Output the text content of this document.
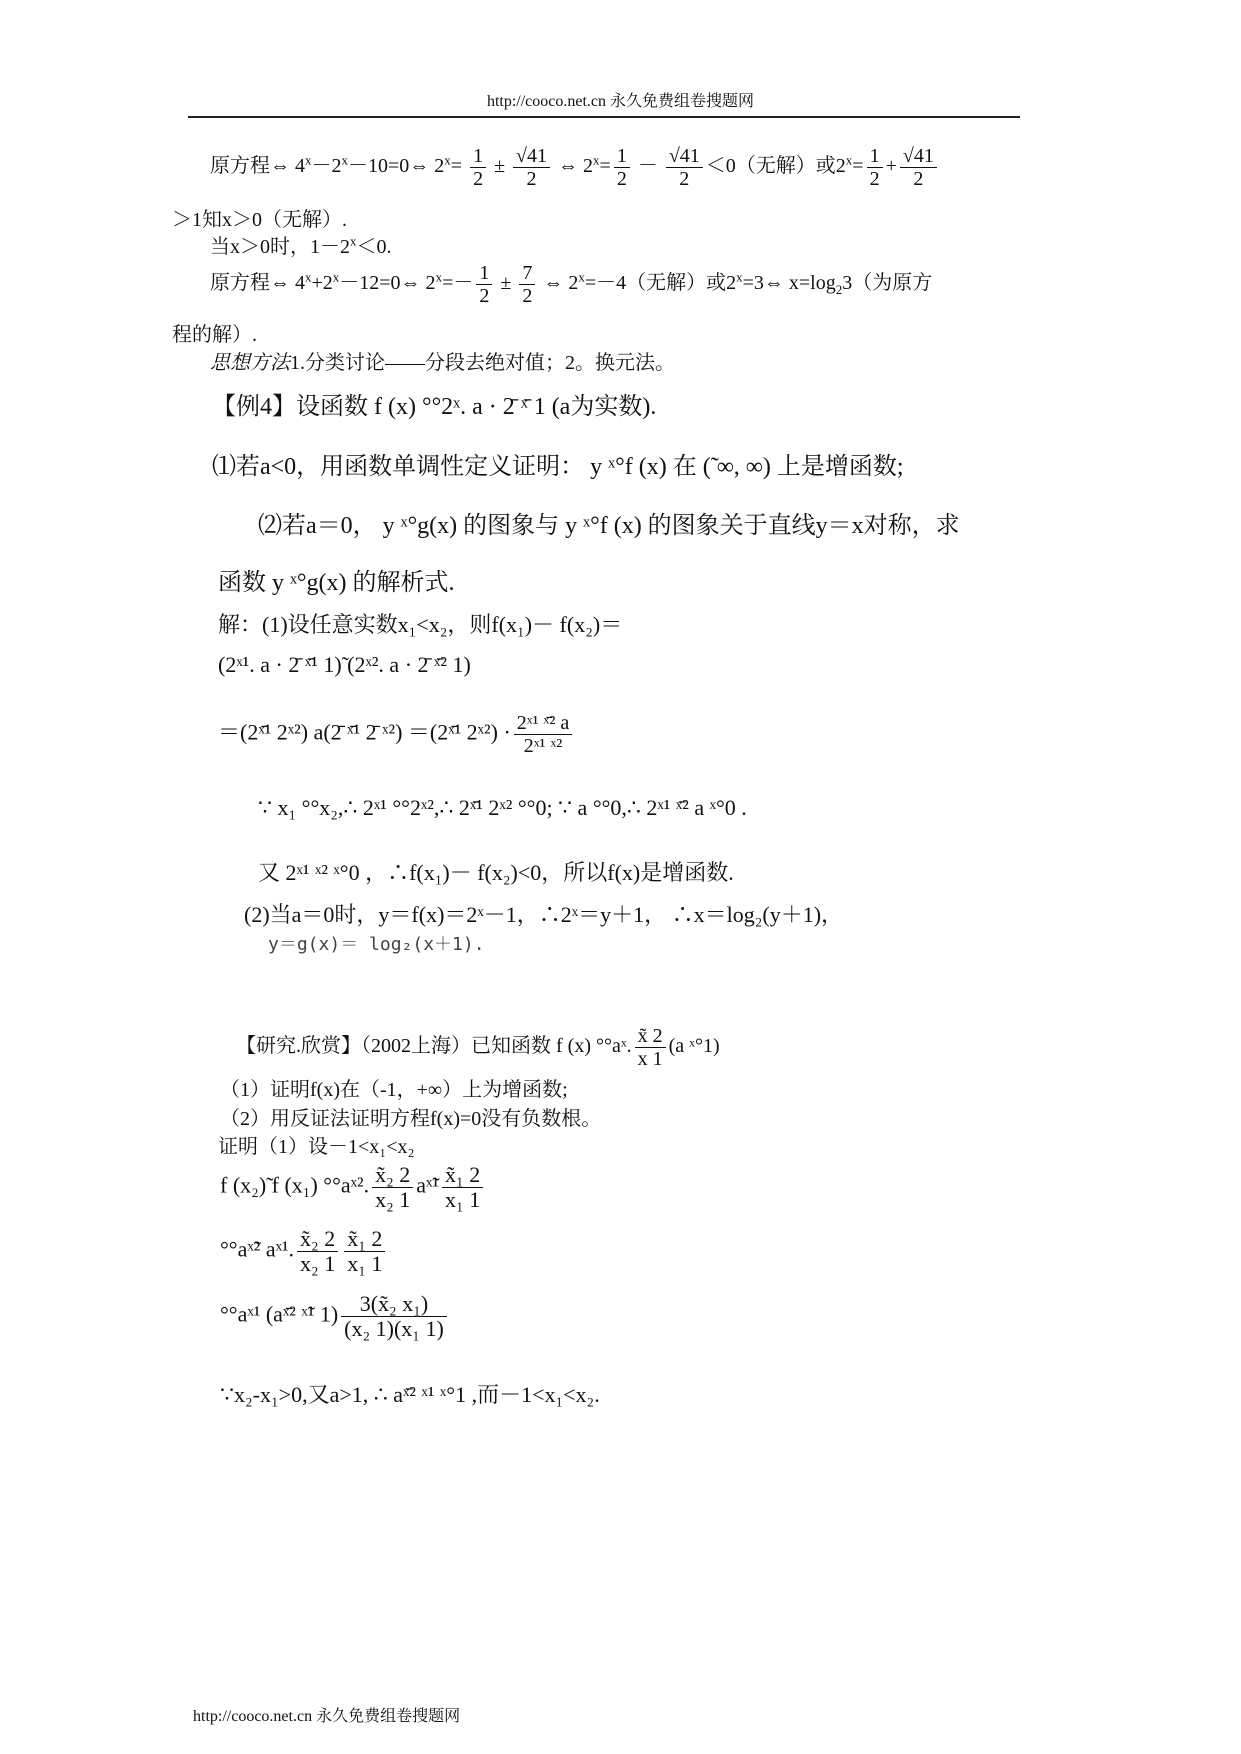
http://cooco.net.cn 永久免费组卷搜题网
原方程⇔ $4^x-2^x-10=0\Leftrightarrow$ $2^x= \frac{1}{2} \pm \frac{√41}{2}$ ⇔ $2^x= \frac{1}{2} - \frac{√41}{2} <0$（无解）或$2^x= \frac{1}{2} + \frac{√41}{2}$
＞1知x＞0（无解）.
当x＞0时，$1-2^x<0$.
原方程⇔ $4^x+2^x-12=0\Leftrightarrow$ $2^x=- \frac{1}{2} \pm \frac{7}{2}$ ⇔ $2^x=-4$（无解）或$2^x=3\Leftrightarrow$ $x=\log_23$（为原方
程的解）.
思想方法1.分类讨论——分段去绝对值；2。换元法。
【例4】设函数 f (x) °°2ˣ. a · 2̄ ˣ̄ 1 (a为实数).
⑴若a<0，用函数单调性定义证明： y ˣ°f (x) 在 (̃ ∞, ∞) 上是增函数;
⑵若a＝0， y ˣ°g(x) 的图象与 y ˣ°f (x) 的图象关于直线y＝x对称，求
函数 y ˣ°g(x) 的解析式.
解：(1)设任意实数x₁<x₂，则f(x₁)－ f(x₂)＝
(2ˣ¹. a · 2̄ ˣ̄¹ 1)̃ (2ˣ². a · 2̄ ˣ̄² 1)
＝(2ˣ̄¹ 2ˣ²) a(2̄ ˣ̄¹ 2̄ ˣ²) ＝(2ˣ̄¹ 2ˣ²) · $\frac{\text{2ˣ¹ ˣ̄² a}}{\text{2ˣ¹ ˣ²}}$
∵ x₁ °°x₂,∴ 2ˣ¹ °°2ˣ²,∴ 2ˣ̄¹ 2ˣ² °°0; ∵ a °°0,∴ 2ˣ¹ ˣ̄² a ˣ°0 .
又 2ˣ¹ ˣ² ˣ°0 ，∴f(x₁)－ f(x₂)<0，所以f(x)是增函数.
(2)当a＝0时，y＝f(x)＝2ˣ－1，∴2ˣ＝y＋1， ∴x＝log₂(y＋1)，
y＝g(x)＝ log₂(x＋1).
【研究.欣赏】（2002上海）已知函数 f (x) °°aˣ. $\frac{x̃ 2}{x 1} (a$ ˣ°1)
（1）证明f(x)在（-1，+∞）上为增函数;
（2）用反证法证明方程f(x)=0没有负数根。
证明（1）设－1<x₁<x₂
f (x₂)̃ f (x₁) °°aˣ². $\frac{\text{x̃₂ 2}}{\text{x₂ 1}}$ aˣ̃¹ $\frac{\text{x̃₁ 2}}{\text{x₁ 1}}$
°°aˣ̃² aˣ¹. $\frac{\text{x̃₂ 2}}{\text{x₂ 1}} \frac{\text{x̃₁ 2}}{\text{x₁ 1}}$
°°aˣ¹ (aˣ̄² ˣ̃¹ $1) \frac{\text{3(x̃₂ x₁)}}{\text{(x₂ 1)(x₁ 1)}}$
∵x₂-x₁>0,又a>1, ∴ aˣ̄² ˣ¹ ˣ°1 ,而－1<x₁<x₂.
http://cooco.net.cn 永久免费组卷搜题网
